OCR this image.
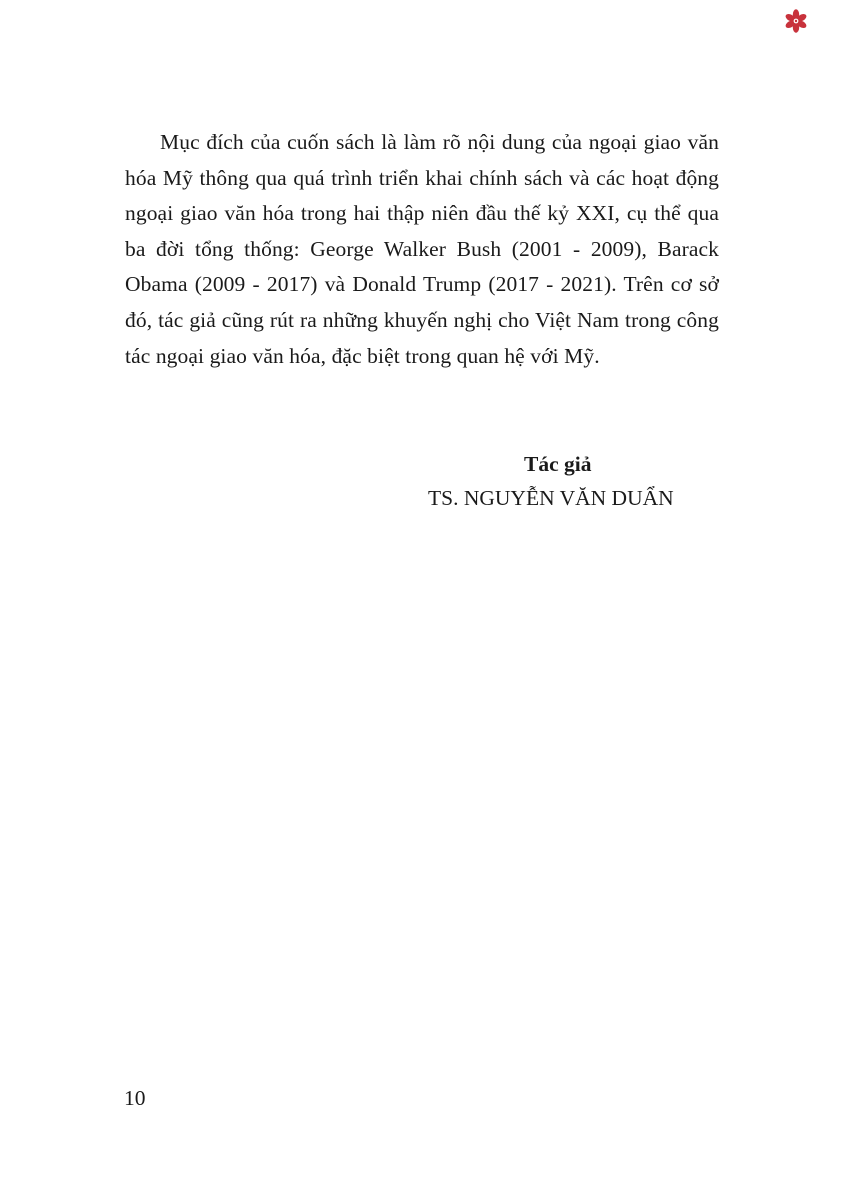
Mục đích của cuốn sách là làm rõ nội dung của ngoại giao văn hóa Mỹ thông qua quá trình triển khai chính sách và các hoạt động ngoại giao văn hóa trong hai thập niên đầu thế kỷ XXI, cụ thể qua ba đời tổng thống: George Walker Bush (2001 - 2009), Barack Obama (2009 - 2017) và Donald Trump (2017 - 2021). Trên cơ sở đó, tác giả cũng rút ra những khuyến nghị cho Việt Nam trong công tác ngoại giao văn hóa, đặc biệt trong quan hệ với Mỹ.

Tác giả
TS. NGUYỄN VĂN DUẨN
10
